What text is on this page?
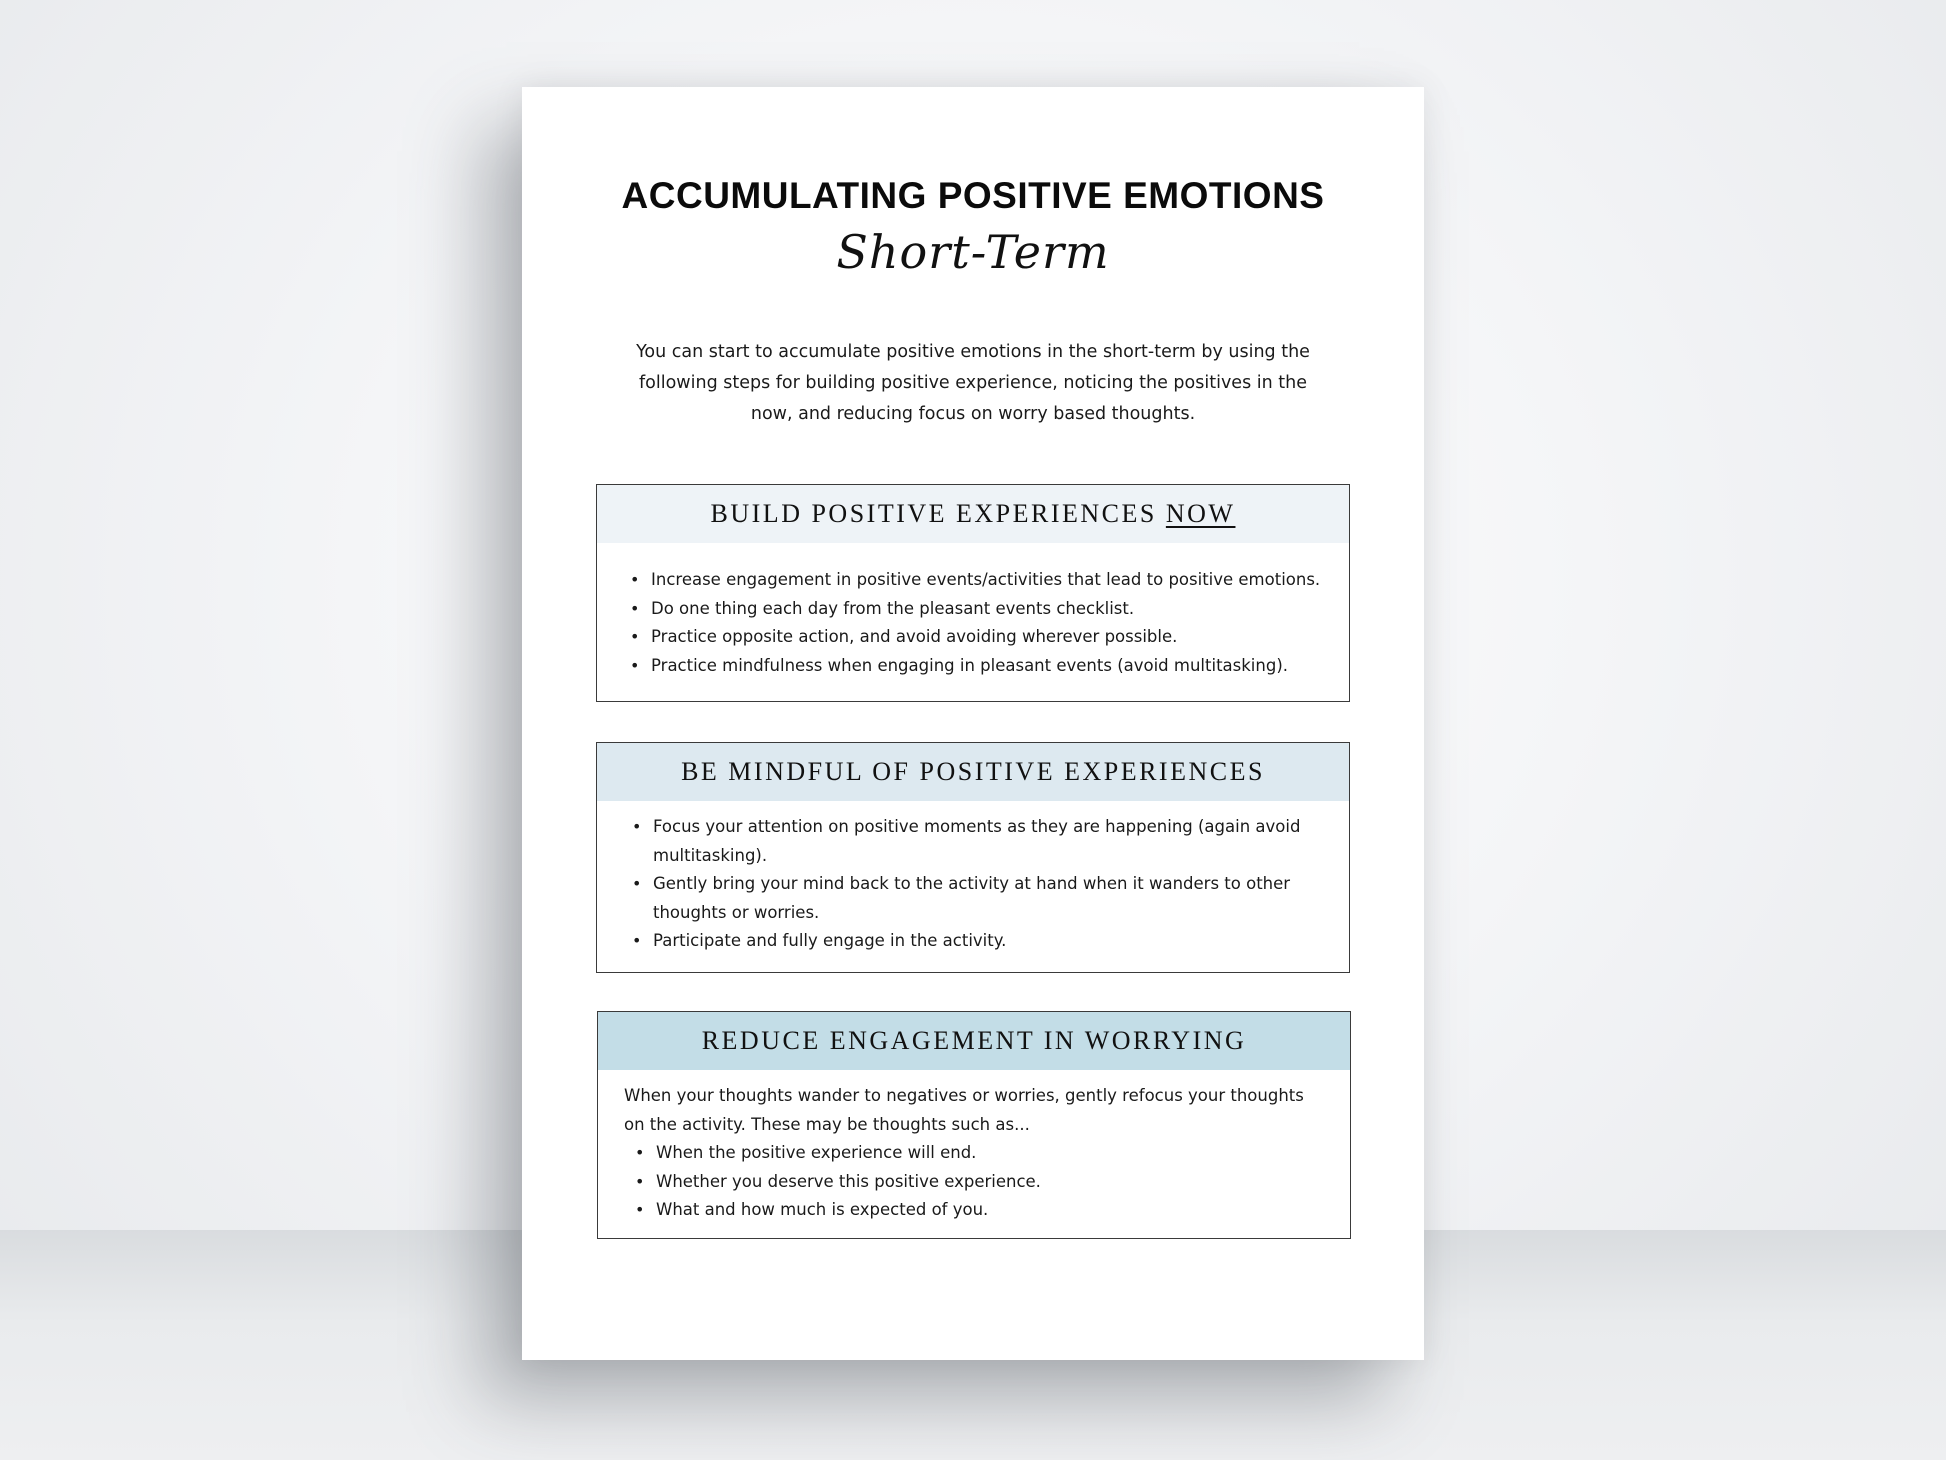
ACCUMULATING POSITIVE EMOTIONS
Short-Term
You can start to accumulate positive emotions in the short-term by using the following steps for building positive experience, noticing the positives in the now, and reducing focus on worry based thoughts.
BUILD POSITIVE EXPERIENCES NOW
• Increase engagement in positive events/activities that lead to positive emotions.
• Do one thing each day from the pleasant events checklist.
• Practice opposite action, and avoid avoiding wherever possible.
• Practice mindfulness when engaging in pleasant events (avoid multitasking).
BE MINDFUL OF POSITIVE EXPERIENCES
• Focus your attention on positive moments as they are happening (again avoid multitasking).
• Gently bring your mind back to the activity at hand when it wanders to other thoughts or worries.
• Participate and fully engage in the activity.
REDUCE ENGAGEMENT IN WORRYING
When your thoughts wander to negatives or worries, gently refocus your thoughts on the activity. These may be thoughts such as...
• When the positive experience will end.
• Whether you deserve this positive experience.
• What and how much is expected of you.
